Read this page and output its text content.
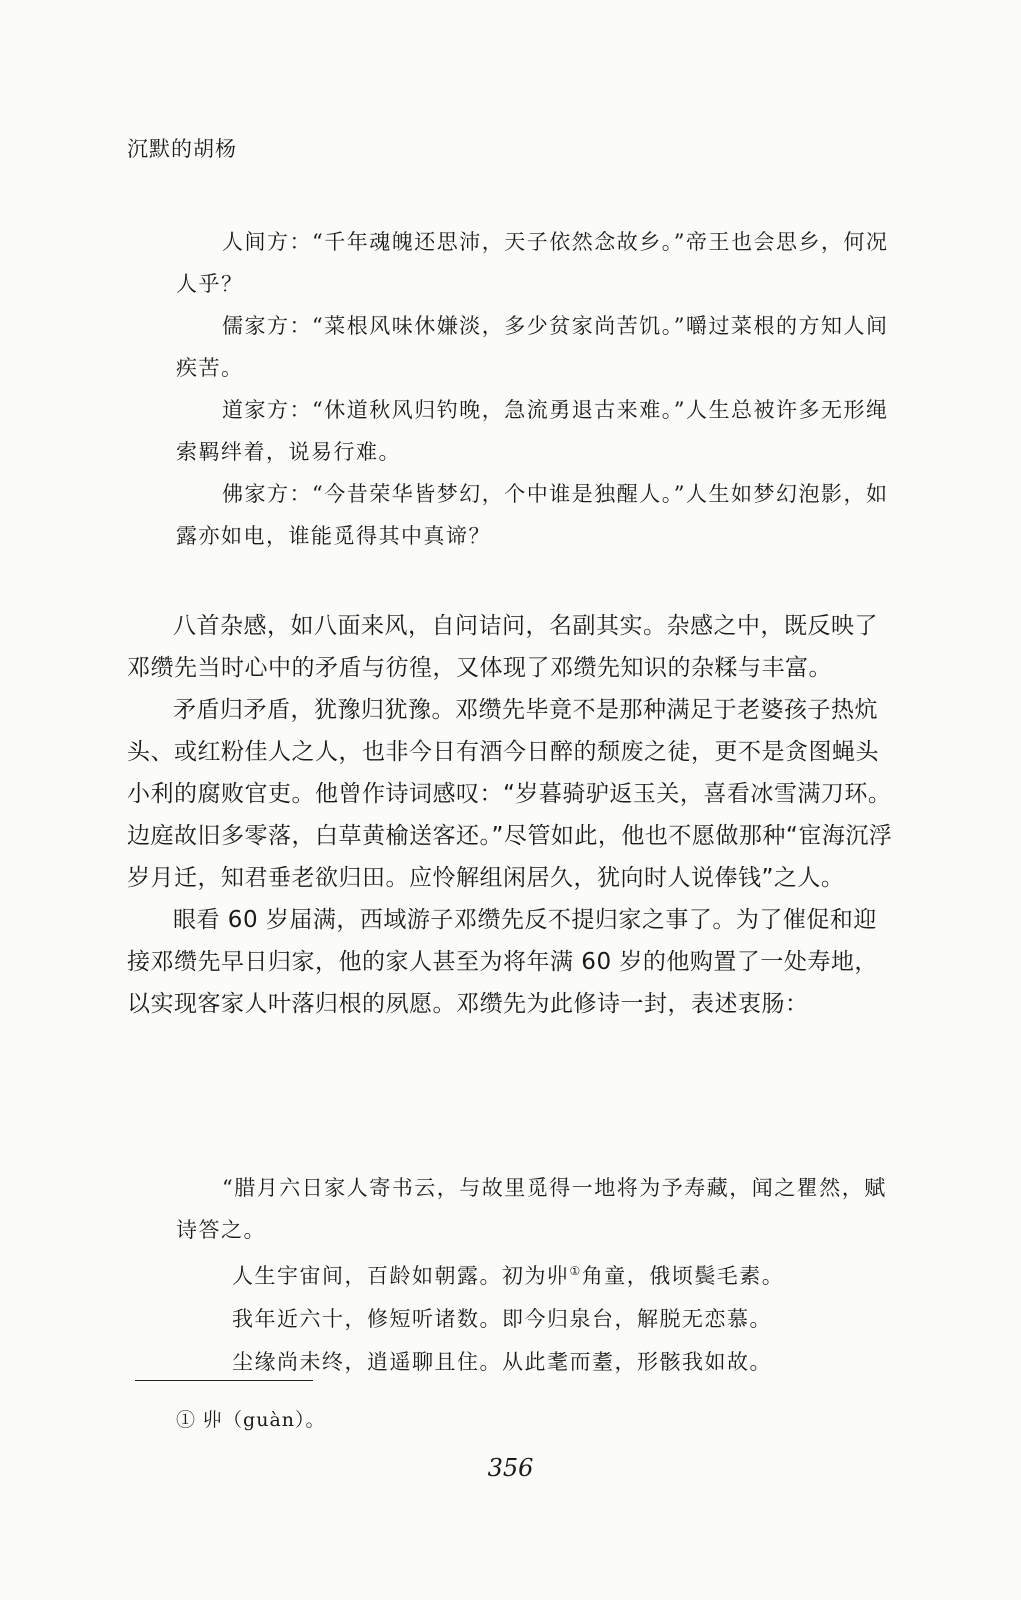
沉默的胡杨

人间方：“千年魂魄还思沛，天子依然念故乡。”帝王也会思乡，何况人乎？

儒家方：“菜根风味休嫌淡，多少贫家尚苦饥。”嚼过菜根的方知人间疾苦。

道家方：“休道秋风归钓晚，急流勇退古来难。”人生总被许多无形绳索羁绊着，说易行难。

佛家方：“今昔荣华皆梦幻，个中谁是独醒人。”人生如梦幻泡影，如露亦如电，谁能觅得其中真谛？

八首杂感，如八面来风，自问诘问，名副其实。杂感之中，既反映了邓缵先当时心中的矛盾与彷徨，又体现了邓缵先知识的杂糅与丰富。

矛盾归矛盾，犹豫归犹豫。邓缵先毕竟不是那种满足于老婆孩子热炕头、或红粉佳人之人，也非今日有酒今日醉的颓废之徒，更不是贪图蝇头小利的腐败官吏。他曾作诗词感叹：“岁暮骑驴返玉关，喜看冰雪满刀环。边庭故旧多零落，白草黄榆送客还。”尽管如此，他也不愿做那种“宦海沉浮岁月迁，知君垂老欲归田。应怜解组闲居久，犹向时人说俸钱”之人。

眼看 60 岁届满，西域游子邓缵先反不提归家之事了。为了催促和迎接邓缵先早日归家，他的家人甚至为将年满 60 岁的他购置了一处寿地，以实现客家人叶落归根的夙愿。邓缵先为此修诗一封，表述衷肠：

“腊月六日家人寄书云，与故里觅得一地将为予寿藏，闻之瞿然，赋诗答之。

人生宇宙间，百龄如朝露。初为丱①角童，俄顷鬓毛素。

我年近六十，修短听诸数。即今归泉台，解脱无恋慕。

尘缘尚未终，逍遥聊且住。从此耄而耋，形骸我如故。

① 丱（guàn）。
356
